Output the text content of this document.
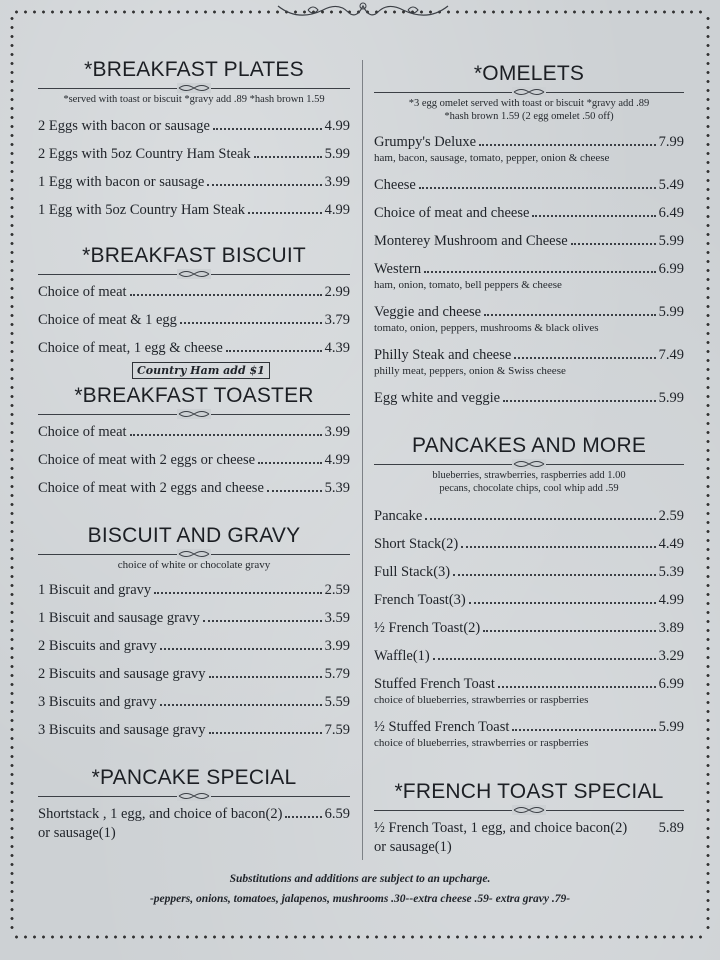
*BREAKFAST PLATES
*served with toast or biscuit *gravy add .89 *hash brown 1.59
2 Eggs with bacon or sausage	4.99
2 Eggs with 5oz Country Ham Steak	5.99
1 Egg with bacon or sausage	3.99
1 Egg with 5oz Country Ham Steak	4.99
*BREAKFAST BISCUIT
Choice of meat	2.99
Choice of meat & 1 egg	3.79
Choice of meat, 1 egg & cheese	4.39
Country Ham add $1
*BREAKFAST TOASTER
Choice of meat	3.99
Choice of meat with 2 eggs or cheese	4.99
Choice of meat with 2 eggs and cheese	5.39
BISCUIT AND GRAVY
choice of white or chocolate gravy
1 Biscuit and gravy	2.59
1 Biscuit and sausage gravy	3.59
2 Biscuits and gravy	3.99
2 Biscuits and sausage gravy	5.79
3 Biscuits and gravy	5.59
3 Biscuits and sausage gravy	7.59
*PANCAKE SPECIAL
Shortstack , 1 egg, and choice of bacon(2)	6.59
or sausage(1)
*OMELETS
*3 egg omelet served with toast or biscuit *gravy add .89
*hash brown 1.59 (2 egg omelet .50 off)
Grumpy's Deluxe	7.99
ham, bacon, sausage, tomato, pepper, onion & cheese
Cheese	5.49
Choice of meat and cheese	6.49
Monterey Mushroom and Cheese	5.99
Western	6.99
ham, onion, tomato, bell peppers & cheese
Veggie and cheese	5.99
tomato, onion, peppers, mushrooms & black olives
Philly Steak and cheese	7.49
philly meat, peppers, onion & Swiss cheese
Egg white and veggie	5.99
PANCAKES AND MORE
blueberries, strawberries, raspberries add 1.00
pecans, chocolate chips, cool whip add .59
Pancake	2.59
Short Stack(2)	4.49
Full Stack(3)	5.39
French Toast(3)	4.99
½ French Toast(2)	3.89
Waffle(1)	3.29
Stuffed French Toast	6.99
choice of blueberries, strawberries or raspberries
½ Stuffed French Toast	5.99
choice of blueberries, strawberries or raspberries
*FRENCH TOAST SPECIAL
½ French Toast, 1 egg, and choice bacon(2) 5.89
or sausage(1)
Substitutions and additions are subject to an upcharge.
-peppers, onions, tomatoes, jalapenos, mushrooms .30--extra cheese .59- extra gravy .79-
